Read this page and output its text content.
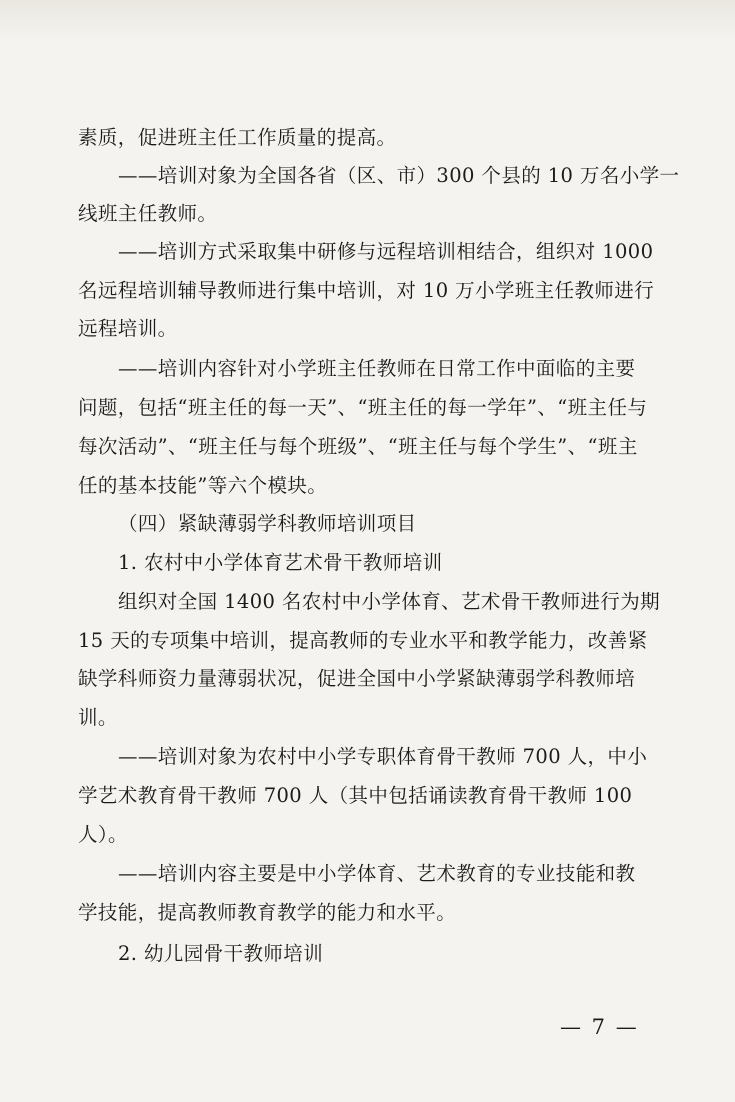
素质，促进班主任工作质量的提高。
——培训对象为全国各省（区、市）300 个县的 10 万名小学一
线班主任教师。
——培训方式采取集中研修与远程培训相结合，组织对 1000
名远程培训辅导教师进行集中培训，对 10 万小学班主任教师进行
远程培训。
——培训内容针对小学班主任教师在日常工作中面临的主要
问题，包括“班主任的每一天”、“班主任的每一学年”、“班主任与
每次活动”、“班主任与每个班级”、“班主任与每个学生”、“班主
任的基本技能”等六个模块。
（四）紧缺薄弱学科教师培训项目
1. 农村中小学体育艺术骨干教师培训
组织对全国 1400 名农村中小学体育、艺术骨干教师进行为期
15 天的专项集中培训，提高教师的专业水平和教学能力，改善紧
缺学科师资力量薄弱状况，促进全国中小学紧缺薄弱学科教师培
训。
——培训对象为农村中小学专职体育骨干教师 700 人，中小
学艺术教育骨干教师 700 人（其中包括诵读教育骨干教师 100
人）。
——培训内容主要是中小学体育、艺术教育的专业技能和教
学技能，提高教师教育教学的能力和水平。
2. 幼儿园骨干教师培训
— 7 —
